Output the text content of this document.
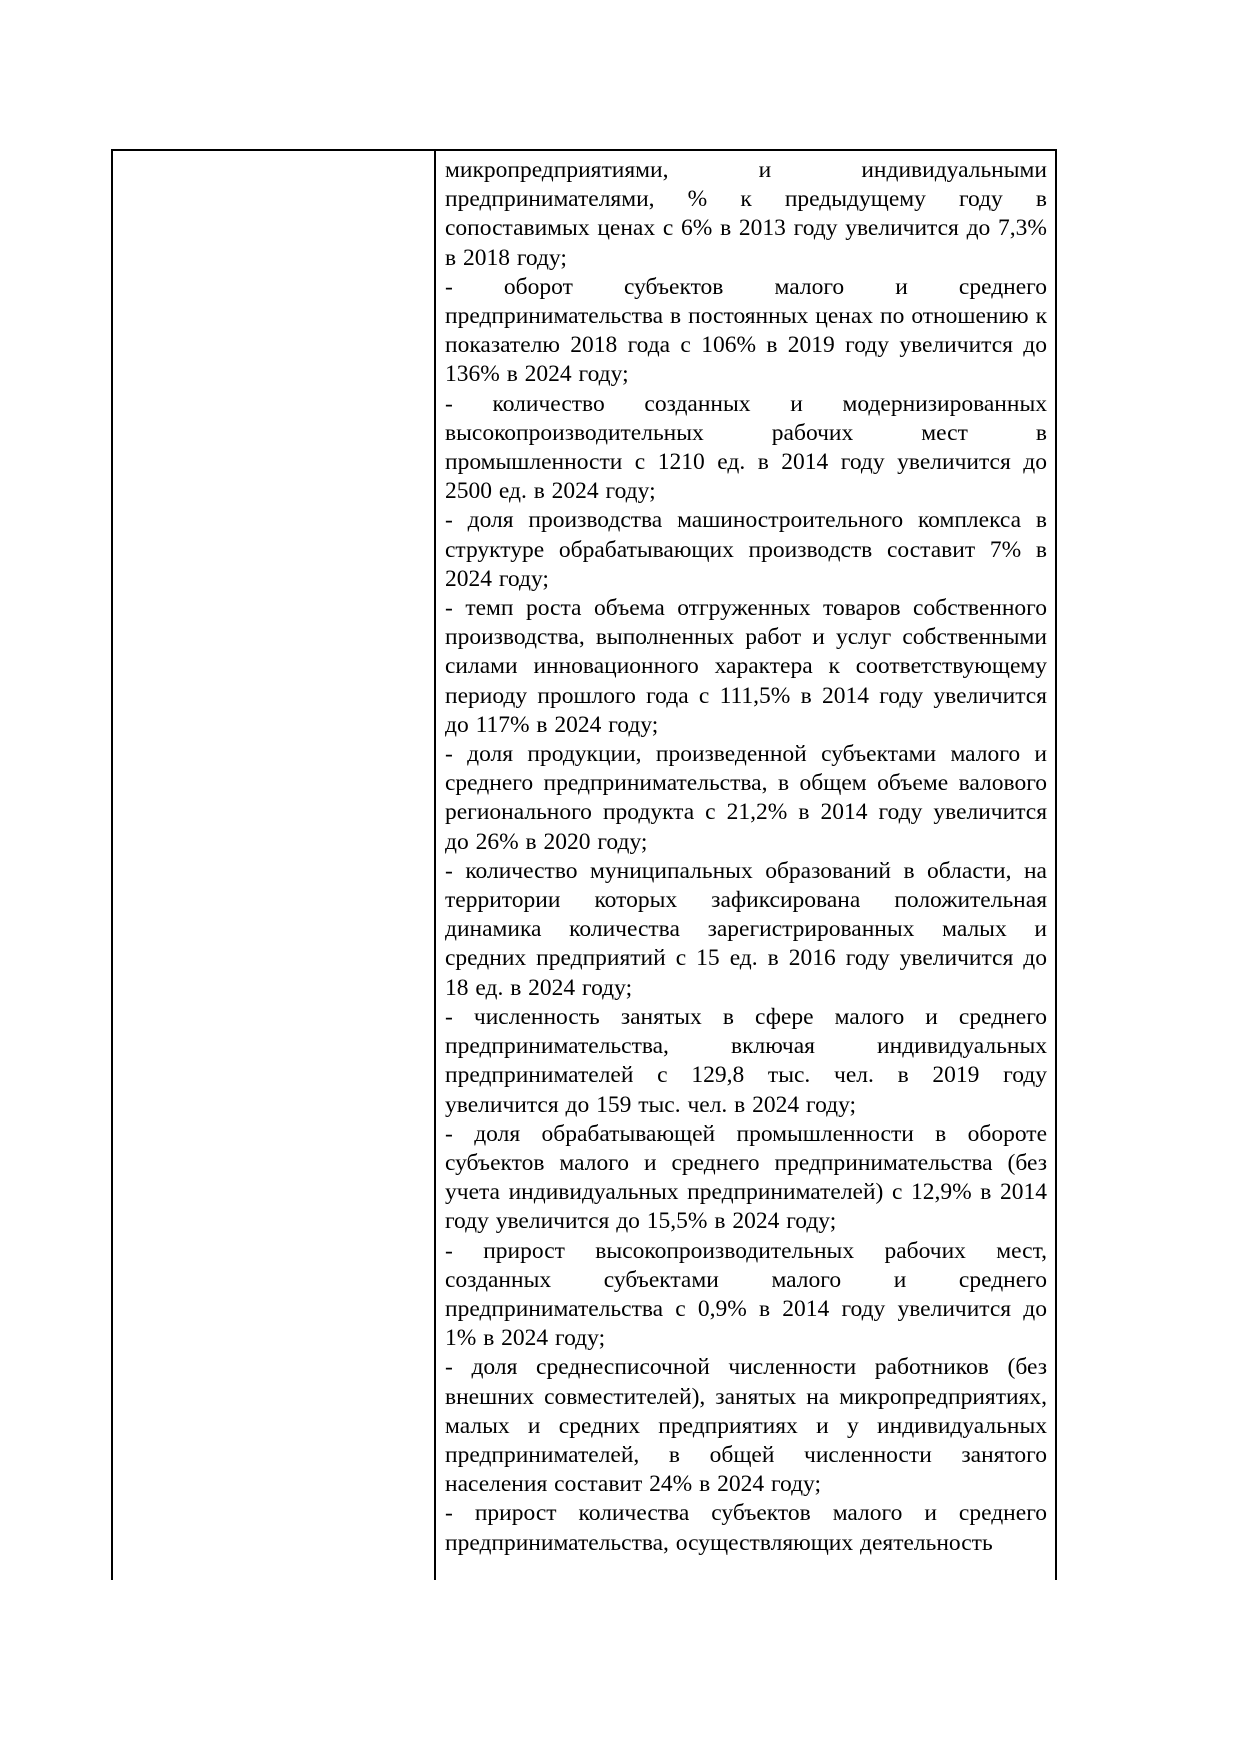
микропредприятиями, и индивидуальными предпринимателями, % к предыдущему году в сопоставимых ценах с 6% в 2013 году увеличится до 7,3% в 2018 году;

- оборот субъектов малого и среднего предпринимательства в постоянных ценах по отношению к показателю 2018 года с 106% в 2019 году увеличится до 136% в 2024 году;

- количество созданных и модернизированных высокопроизводительных рабочих мест в промышленности с 1210 ед. в 2014 году увеличится до 2500 ед. в 2024 году;

- доля производства машиностроительного комплекса в структуре обрабатывающих производств составит 7% в 2024 году;

- темп роста объема отгруженных товаров собственного производства, выполненных работ и услуг собственными силами инновационного характера к соответствующему периоду прошлого года с 111,5% в 2014 году увеличится до 117% в 2024 году;

- доля продукции, произведенной субъектами малого и среднего предпринимательства, в общем объеме валового регионального продукта с 21,2% в 2014 году увеличится до 26% в 2020 году;

- количество муниципальных образований в области, на территории которых зафиксирована положительная динамика количества зарегистрированных малых и средних предприятий с 15 ед. в 2016 году увеличится до 18 ед. в 2024 году;

- численность занятых в сфере малого и среднего предпринимательства, включая индивидуальных предпринимателей с 129,8 тыс. чел. в 2019 году увеличится до 159 тыс. чел. в 2024 году;

- доля обрабатывающей промышленности в обороте субъектов малого и среднего предпринимательства (без учета индивидуальных предпринимателей) с 12,9% в 2014 году увеличится до 15,5% в 2024 году;

- прирост высокопроизводительных рабочих мест, созданных субъектами малого и среднего предпринимательства с 0,9% в 2014 году увеличится до 1% в 2024 году;

- доля среднесписочной численности работников (без внешних совместителей), занятых на микропредприятиях, малых и средних предприятиях и у индивидуальных предпринимателей, в общей численности занятого населения составит 24% в 2024 году;

- прирост количества субъектов малого и среднего предпринимательства, осуществляющих деятельность
